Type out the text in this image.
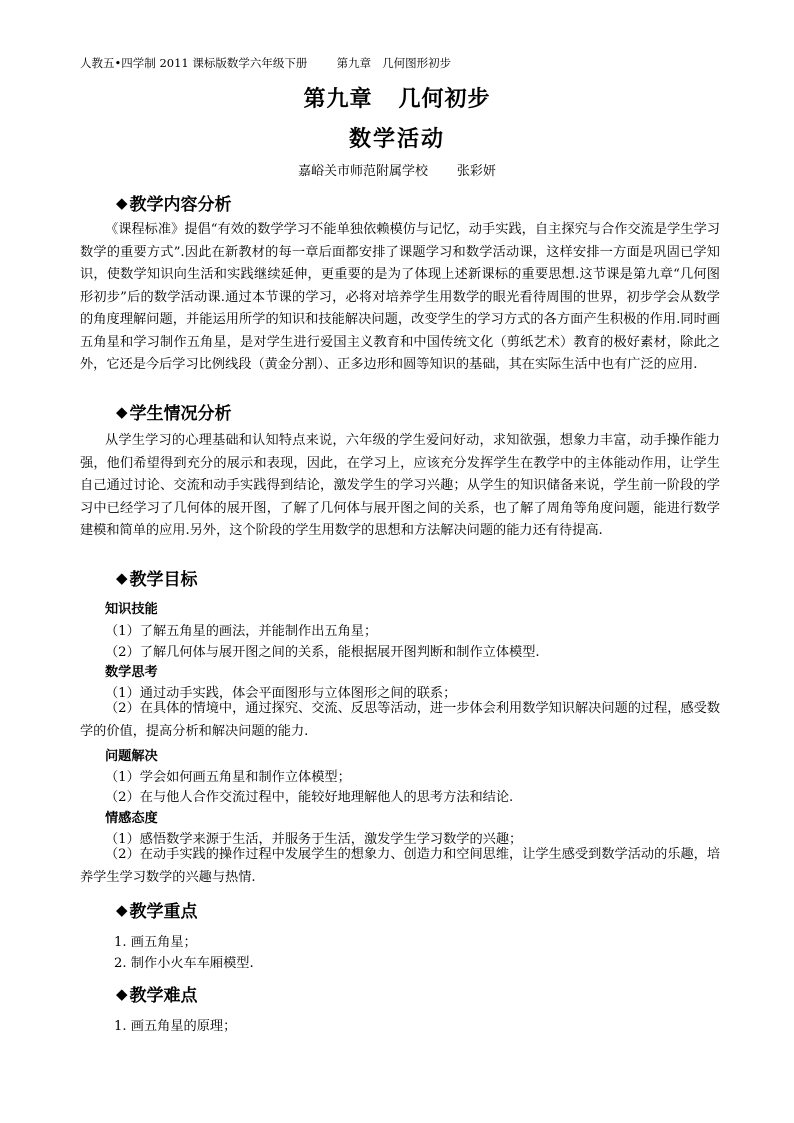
人教五•四学制 2011 课标版数学六年级下册        第九章   几何图形初步
第九章   几何初步
数学活动
嘉峪关市师范附属学校       张彩妍
◆ 教学内容分析
《课程标准》提倡“有效的数学学习不能单独依赖模仿与记忆，动手实践，自主探究与合作交流是学生学习数学的重要方式”.因此在新教材的每一章后面都安排了课题学习和数学活动课，这样安排一方面是巩固已学知识，使数学知识向生活和实践继续延伸，更重要的是为了体现上述新课标的重要思想.这节课是第九章“几何图形初步”后的数学活动课.通过本节课的学习，必将对培养学生用数学的眼光看待周围的世界，初步学会从数学的角度理解问题，并能运用所学的知识和技能解决问题，改变学生的学习方式的各方面产生积极的作用.同时画五角星和学习制作五角星，是对学生进行爱国主义教育和中国传统文化（剪纸艺术）教育的极好素材，除此之外，它还是今后学习比例线段（黄金分割）、正多边形和圆等知识的基础，其在实际生活中也有广泛的应用.
◆ 学生情况分析
从学生学习的心理基础和认知特点来说，六年级的学生爱问好动，求知欲强，想象力丰富，动手操作能力强，他们希望得到充分的展示和表现，因此，在学习上，应该充分发挥学生在教学中的主体能动作用，让学生自己通过讨论、交流和动手实践得到结论，激发学生的学习兴趣；从学生的知识储备来说，学生前一阶段的学习中已经学习了几何体的展开图，了解了几何体与展开图之间的关系，也了解了周角等角度问题，能进行数学建模和简单的应用.另外，这个阶段的学生用数学的思想和方法解决问题的能力还有待提高.
◆ 教学目标
知识技能
（1）了解五角星的画法，并能制作出五角星；
（2）了解几何体与展开图之间的关系，能根据展开图判断和制作立体模型.
数学思考
（1）通过动手实践，体会平面图形与立体图形之间的联系；
（2）在具体的情境中，通过探究、交流、反思等活动，进一步体会利用数学知识解决问题的过程，感受数学的价值，提高分析和解决问题的能力.
问题解决
（1）学会如何画五角星和制作立体模型；
（2）在与他人合作交流过程中，能较好地理解他人的思考方法和结论.
情感态度
（1）感悟数学来源于生活，并服务于生活，激发学生学习数学的兴趣；
（2）在动手实践的操作过程中发展学生的想象力、创造力和空间思维，让学生感受到数学活动的乐趣，培养学生学习数学的兴趣与热情.
◆ 教学重点
1. 画五角星；
2. 制作小火车车厢模型.
◆ 教学难点
1. 画五角星的原理；
